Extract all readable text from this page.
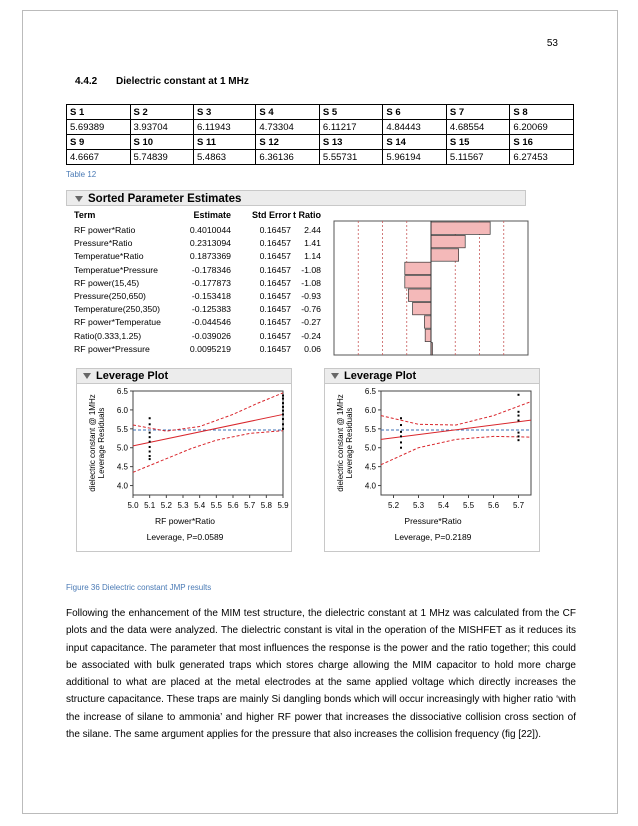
53
4.4.2 Dielectric constant at 1 MHz
S 1	S 2	S 3	S 4	S 5	S 6	S 7	S 8
5.69389	3.93704	6.11943	4.73304	6.11217	4.84443	4.68554	6.20069
S 9	S 10	S 11	S 12	S 13	S 14	S 15	S 16
4.6667	5.74839	5.4863	6.36136	5.55731	5.96194	5.11567	6.27453
Table 12
Sorted Parameter Estimates
Term	Estimate	Std Error t Ratio
RF power*Ratio	0.4010044	0.16457	2.44
Pressure*Ratio	0.2313094	0.16457	1.41
Temperatue*Ratio	0.1873369	0.16457	1.14
Temperatue*Pressure	-0.178346	0.16457	-1.08
RF power(15,45)	-0.177873	0.16457	-1.08
Pressure(250,650)	-0.153418	0.16457	-0.93
Temperature(250,350)	-0.125383	0.16457	-0.76
RF power*Temperatue	-0.044546	0.16457	-0.27
Ratio(0.333,1.25)	-0.039026	0.16457	-0.24
RF power*Pressure	0.0095219	0.16457	0.06
Leverage Plot
dielectric constant @ 1MHzLeverage Residuals
4.0
4.5
5.0
5.5
6.0
6.5
5.0 5.1 5.2 5.3 5.4 5.5 5.6 5.7 5.8 5.9
RF power*Ratio
Leverage, P=0.0589
Leverage Plot
dielectric constant @ 1MHzLeverage Residuals
4.0
4.5
5.0
5.5
6.0
6.5
5.2 5.3 5.4 5.5 5.6 5.7
Pressure*Ratio
Leverage, P=0.2189
Figure 36 Dielectric constant JMP results
Following the enhancement of the MIM test structure, the dielectric constant at 1 MHz was calculated from the CF plots and the data were analyzed. The dielectric constant is vital in the operation of the MISHFET as it reduces its input capacitance. The parameter that most influences the response is the power and the ratio together; this could be associated with bulk generated traps which stores charge allowing the MIM capacitor to hold more charge additional to what are placed at the metal electrodes at the same applied voltage which directly increases the structure capacitance. These traps are mainly Si dangling bonds which will occur increasingly with higher ratio ‘with the increase of silane to ammonia’ and higher RF power that increases the dissociative collision cross section of the silane. The same argument applies for the pressure that also increases the collision frequency (fig [22]).
